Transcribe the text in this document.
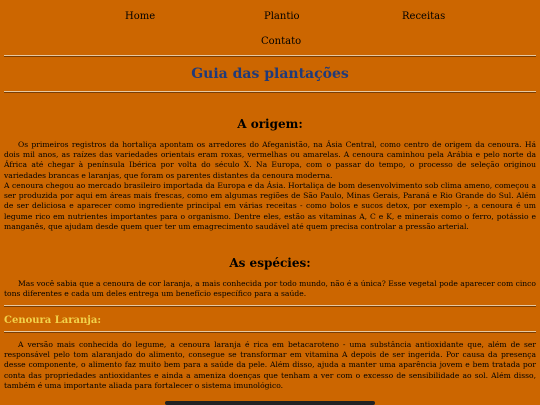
Home	Plantio	Receitas
Contato
Guia das plantações
A origem:

Os primeiros registros da hortaliça apontam os arredores do Afeganistão, na Ásia Central, como centro de origem da cenoura. Há dois mil anos, as raízes das variedades orientais eram roxas, vermelhas ou amarelas. A cenoura caminhou pela Arábia e pelo norte da África até chegar à península Ibérica por volta do século X. Na Europa, com o passar do tempo, o processo de seleção originou variedades brancas e laranjas, que foram os parentes distantes da cenoura moderna.

A cenoura chegou ao mercado brasileiro importada da Europa e da Ásia. Hortaliça de bom desenvolvimento sob clima ameno, começou a ser produzida por aqui em áreas mais frescas, como em algumas regiões de São Paulo, Minas Gerais, Paraná e Rio Grande do Sul. Além de ser deliciosa e aparecer como ingrediente principal em várias receitas - como bolos e sucos detox, por exemplo -, a cenoura é um legume rico em nutrientes importantes para o organismo. Dentre eles, estão as vitaminas A, C e K, e minerais como o ferro, potássio e manganês, que ajudam desde quem quer ter um emagrecimento saudável até quem precisa controlar a pressão arterial.

As espécies:

Mas você sabia que a cenoura de cor laranja, a mais conhecida por todo mundo, não é a única? Esse vegetal pode aparecer com cinco tons diferentes e cada um deles entrega um benefício específico para a saúde.

Cenoura Laranja:

A versão mais conhecida do legume, a cenoura laranja é rica em betacaroteno - uma substância antioxidante que, além de ser responsável pelo tom alaranjado do alimento, consegue se transformar em vitamina A depois de ser ingerida. Por causa da presença desse componente, o alimento faz muito bem para a saúde da pele. Além disso, ajuda a manter uma aparência jovem e bem tratada por conta das propriedades antioxidantes e ainda a ameniza doenças que tenham a ver com o excesso de sensibilidade ao sol. Além disso, também é uma importante aliada para fortalecer o sistema imunológico.
